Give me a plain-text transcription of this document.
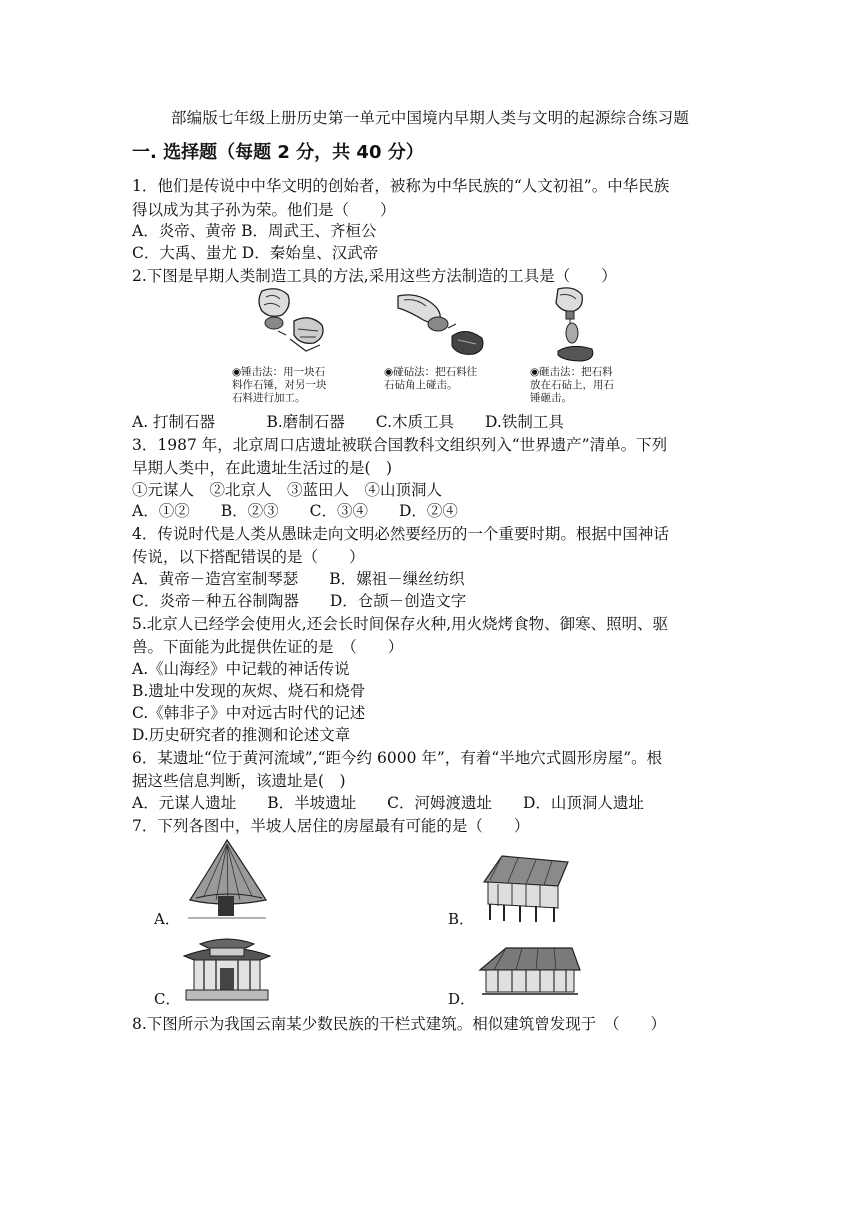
部编版七年级上册历史第一单元中国境内早期人类与文明的起源综合练习题
一. 选择题（每题 2 分，共 40 分）
1．他们是传说中中华文明的创始者，被称为中华民族的“人文初祖”。中华民族
得以成为其子孙为荣。他们是（　　）
A．炎帝、黄帝 B．周武王、齐桓公
C．大禹、蚩尤 D．秦始皇、汉武帝
2.下图是早期人类制造工具的方法,采用这些方法制造的工具是（　　）
◉锤击法：用一块石
料作石锤，对另一块
石料进行加工。
◉碰砧法：把石料往
石砧角上碰击。
◉砸击法：把石料
放在石砧上，用石
锤砸击。
A. 打制石器　　　 B.磨制石器　　C.木质工具　　D.铁制工具
3．1987 年，北京周口店遗址被联合国教科文组织列入“世界遗产”清单。下列
早期人类中，在此遗址生活过的是(　)
①元谋人　②北京人　③蓝田人　④山顶洞人
A．①②　　B．②③　　C．③④　　D．②④
4．传说时代是人类从愚昧走向文明必然要经历的一个重要时期。根据中国神话
传说，以下搭配错误的是（　　）
A．黄帝－造宫室制琴瑟　　B．嫘祖－缫丝纺织
C．炎帝－种五谷制陶器　　D．仓颉－创造文字
5.北京人已经学会使用火,还会长时间保存火种,用火烧烤食物、御寒、照明、驱
兽。下面能为此提供佐证的是　（　　）
A.《山海经》中记载的神话传说
B.遗址中发现的灰烬、烧石和烧骨
C.《韩非子》中对远古时代的记述
D.历史研究者的推测和论述文章
6．某遗址“位于黄河流域”,“距今约 6000 年”，有着“半地穴式圆形房屋”。根
据这些信息判断，该遗址是(　)
A．元谋人遗址　　B．半坡遗址　　C．河姆渡遗址　　D．山顶洞人遗址
7．下列各图中，半坡人居住的房屋最有可能的是（　　）
A．	B．
C．	D．
8.下图所示为我国云南某少数民族的干栏式建筑。相似建筑曾发现于　（　　）
